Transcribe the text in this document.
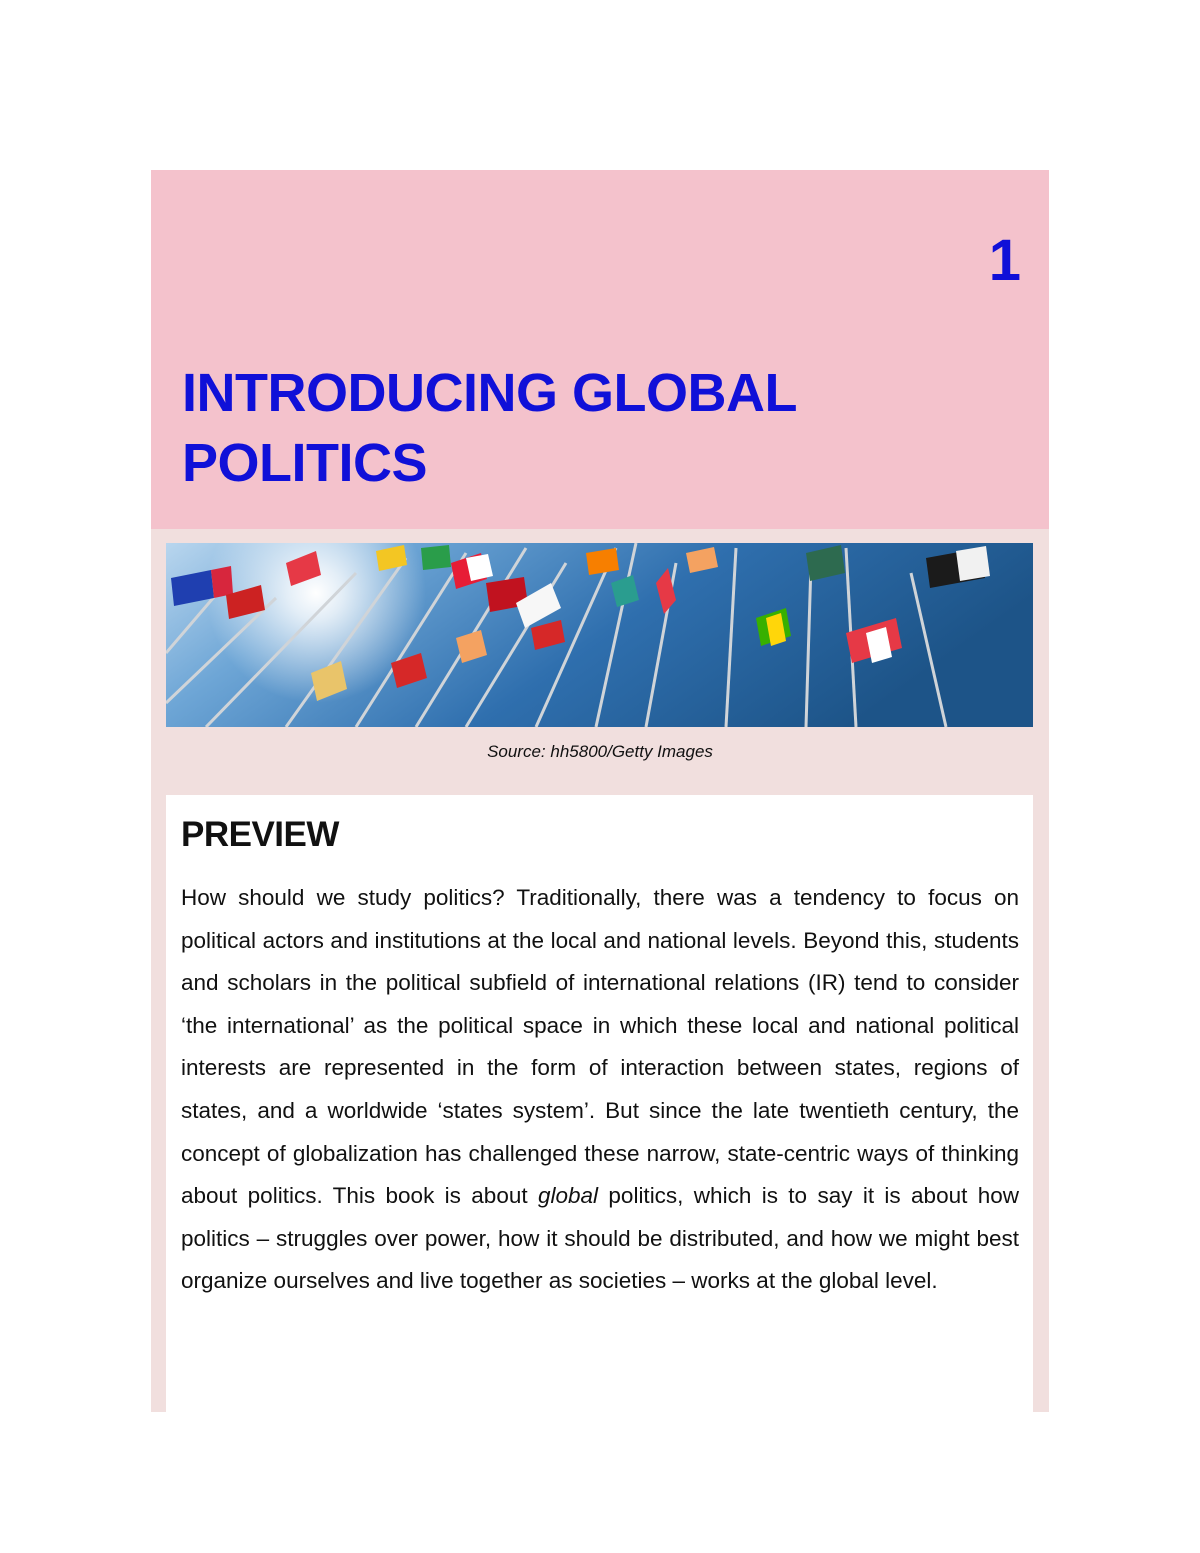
1
INTRODUCING GLOBAL
POLITICS
Source: hh5800/Getty Images
PREVIEW

How should we study politics? Traditionally, there was a tendency to focus on political actors and institutions at the local and national levels. Beyond this, students and scholars in the political subfield of international relations (IR) tend to consider ‘the international’ as the political space in which these local and national political interests are represented in the form of interaction between states, regions of states, and a worldwide ‘states system’. But since the late twentieth century, the concept of globalization has challenged these narrow, state-centric ways of thinking about politics. This book is about global politics, which is to say it is about how politics – struggles over power, how it should be distributed, and how we might best organize ourselves and live together as societies – works at the global level.
